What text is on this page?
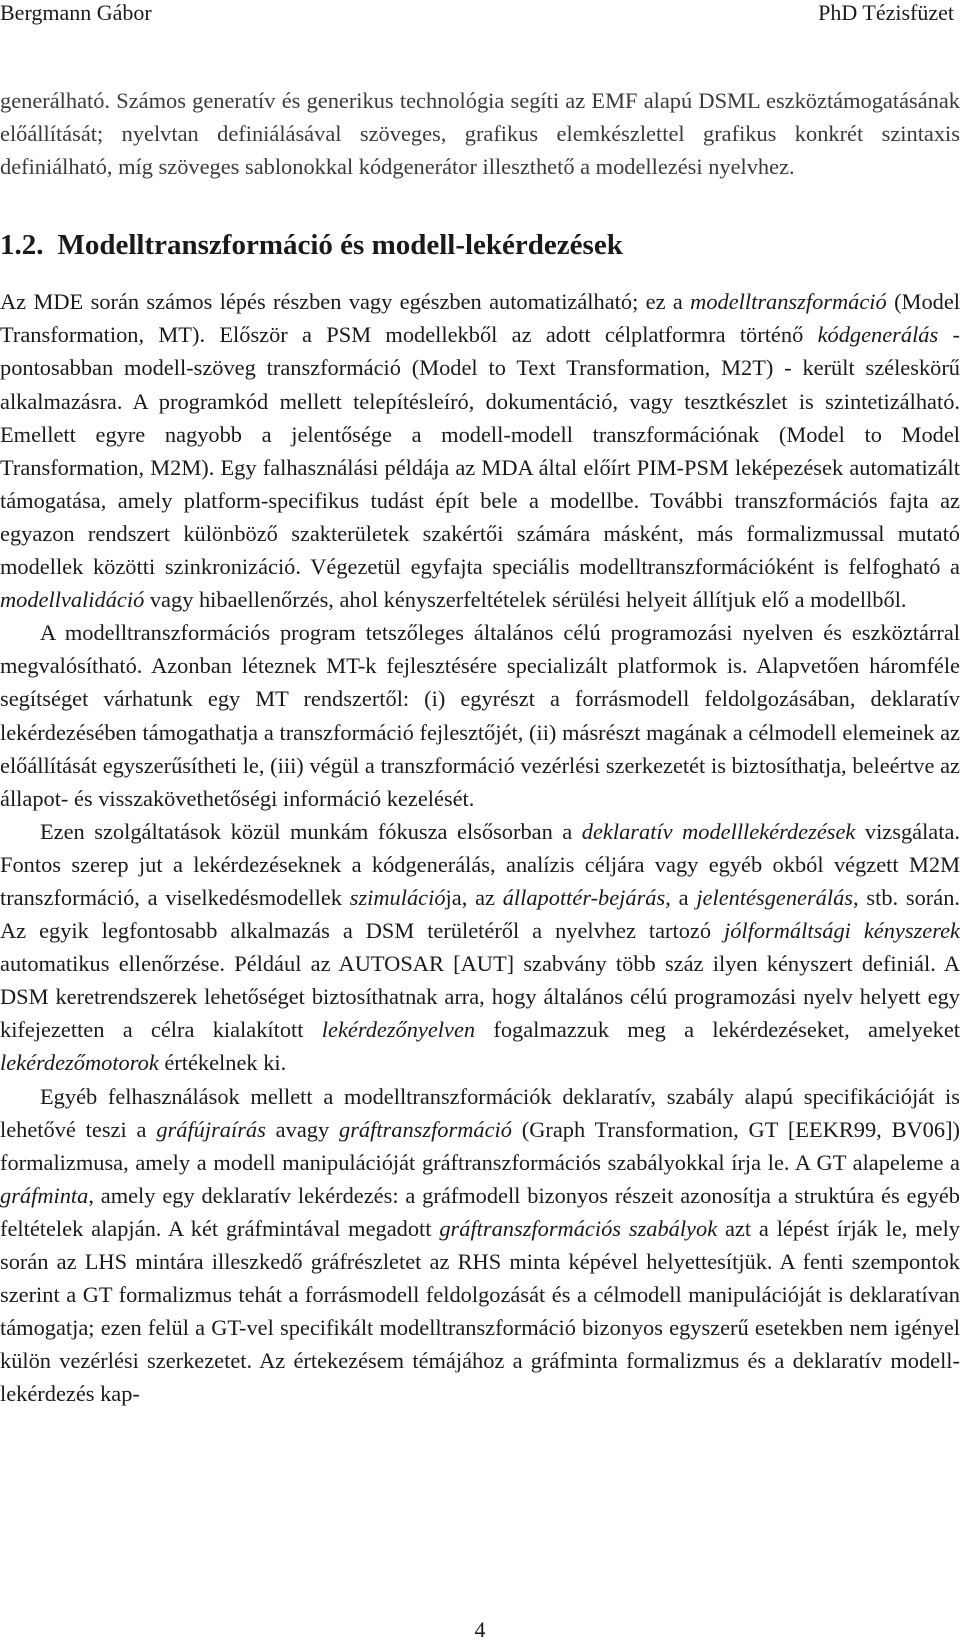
Bergmann Gábor	PhD Tézisfüzet

generálható. Számos generatív és generikus technológia segíti az EMF alapú DSML eszköztámogatásának előállítását; nyelvtan definiálásával szöveges, grafikus elemkészlettel grafikus konkrét szintaxis definiálható, míg szöveges sablonokkal kódgenerátor illeszthető a modellezési nyelvhez.

1.2. Modelltranszformáció és modell-lekérdezések

Az MDE során számos lépés részben vagy egészben automatizálható; ez a modelltranszformáció (Model Transformation, MT). Először a PSM modellekből az adott célplatformra történő kódgenerálás - pontosabban modell-szöveg transzformáció (Model to Text Transformation, M2T) - került széleskörű alkalmazásra. A programkód mellett telepítésleíró, dokumentáció, vagy tesztkészlet is szintetizálható. Emellett egyre nagyobb a jelentősége a modell-modell transzformációnak (Model to Model Transformation, M2M). Egy falhasználási példája az MDA által előírt PIM-PSM leképezések automatizált támogatása, amely platform-specifikus tudást épít bele a modellbe. További transzformációs fajta az egyazon rendszert különböző szakterületek szakértői számára másként, más formalizmussal mutató modellek közötti szinkronizáció. Végezetül egyfajta speciális modelltranszformációként is felfogható a modellvalidáció vagy hibaellenőrzés, ahol kényszerfeltételek sérülési helyeit állítjuk elő a modellből.

A modelltranszformációs program tetszőleges általános célú programozási nyelven és eszköztárral megvalósítható. Azonban léteznek MT-k fejlesztésére specializált platformok is. Alapvetően háromféle segítséget várhatunk egy MT rendszertől: (i) egyrészt a forrásmodell feldolgozásában, deklaratív lekérdezésében támogathatja a transzformáció fejlesztőjét, (ii) másrészt magának a célmodell elemeinek az előállítását egyszerűsítheti le, (iii) végül a transzformáció vezérlési szerkezetét is biztosíthatja, beleértve az állapot- és visszakövethetőségi információ kezelését.

Ezen szolgáltatások közül munkám fókusza elsősorban a deklaratív modelllekérdezések vizsgálata. Fontos szerep jut a lekérdezéseknek a kódgenerálás, analízis céljára vagy egyéb okból végzett M2M transzformáció, a viselkedésmodellek szimulációja, az állapottér-bejárás, a jelentésgenerálás, stb. során. Az egyik legfontosabb alkalmazás a DSM területéről a nyelvhez tartozó jólformáltsági kényszerek automatikus ellenőrzése. Például az AUTOSAR [AUT] szabvány több száz ilyen kényszert definiál. A DSM keretrendszerek lehetőséget biztosíthatnak arra, hogy általános célú programozási nyelv helyett egy kifejezetten a célra kialakított lekérdezőnyelven fogalmazzuk meg a lekérdezéseket, amelyeket lekérdezőmotorok értékelnek ki.

Egyéb felhasználások mellett a modelltranszformációk deklaratív, szabály alapú specifikációját is lehetővé teszi a gráfújraírás avagy gráftranszformáció (Graph Transformation, GT [EEKR99, BV06]) formalizmusa, amely a modell manipulációját gráftranszformációs szabályokkal írja le. A GT alapeleme a gráfminta, amely egy deklaratív lekérdezés: a gráfmodell bizonyos részeit azonosítja a struktúra és egyéb feltételek alapján. A két gráfmintával megadott gráftranszformációs szabályok azt a lépést írják le, mely során az LHS mintára illeszkedő gráfrészletet az RHS minta képével helyettesítjük. A fenti szempontok szerint a GT formalizmus tehát a forrásmodell feldolgozását és a célmodell manipulációját is deklaratívan támogatja; ezen felül a GT-vel specifikált modelltranszformáció bizonyos egyszerű esetekben nem igényel külön vezérlési szerkezetet. Az értekezésem témájához a gráfminta formalizmus és a deklaratív modell-lekérdezés kap-

4
